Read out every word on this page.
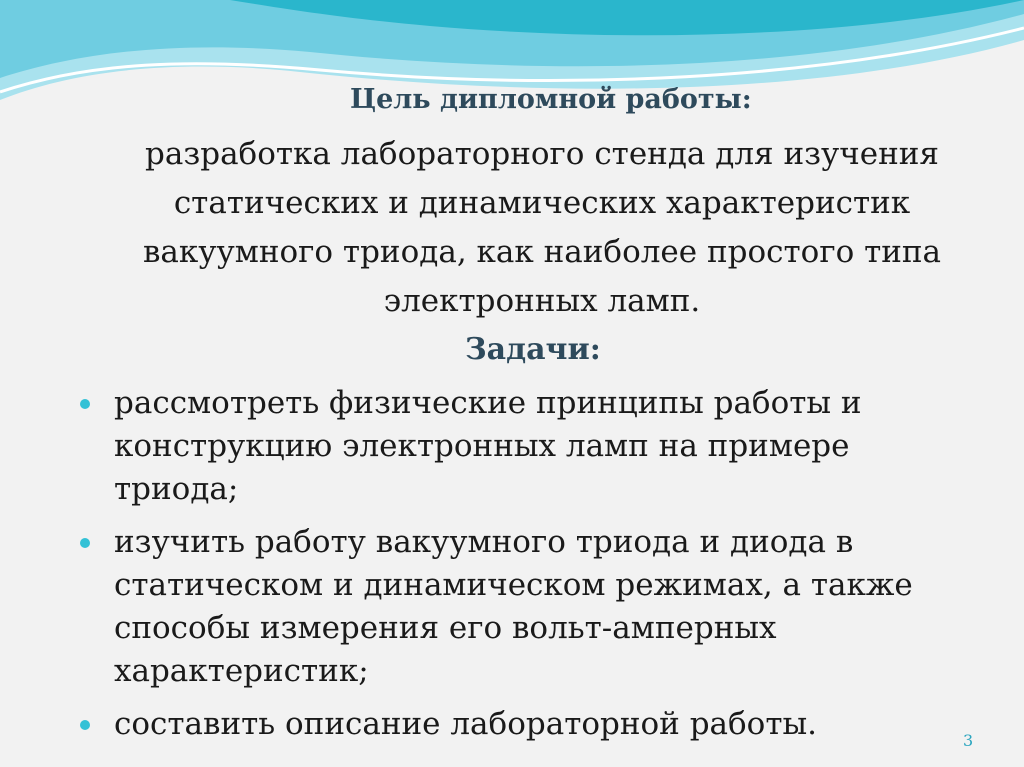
Цель дипломной работы:

разработка лабораторного стенда для изучения
статических и динамических характеристик
вакуумного триода, как наиболее простого типа
электронных ламп.

Задачи:
рассмотреть физические принципы работы и
конструкцию электронных ламп на примере
триода;
изучить работу вакуумного триода и диода в
статическом и динамическом режимах, а также
способы измерения его вольт-амперных
характеристик;
составить описание лабораторной работы.	3
